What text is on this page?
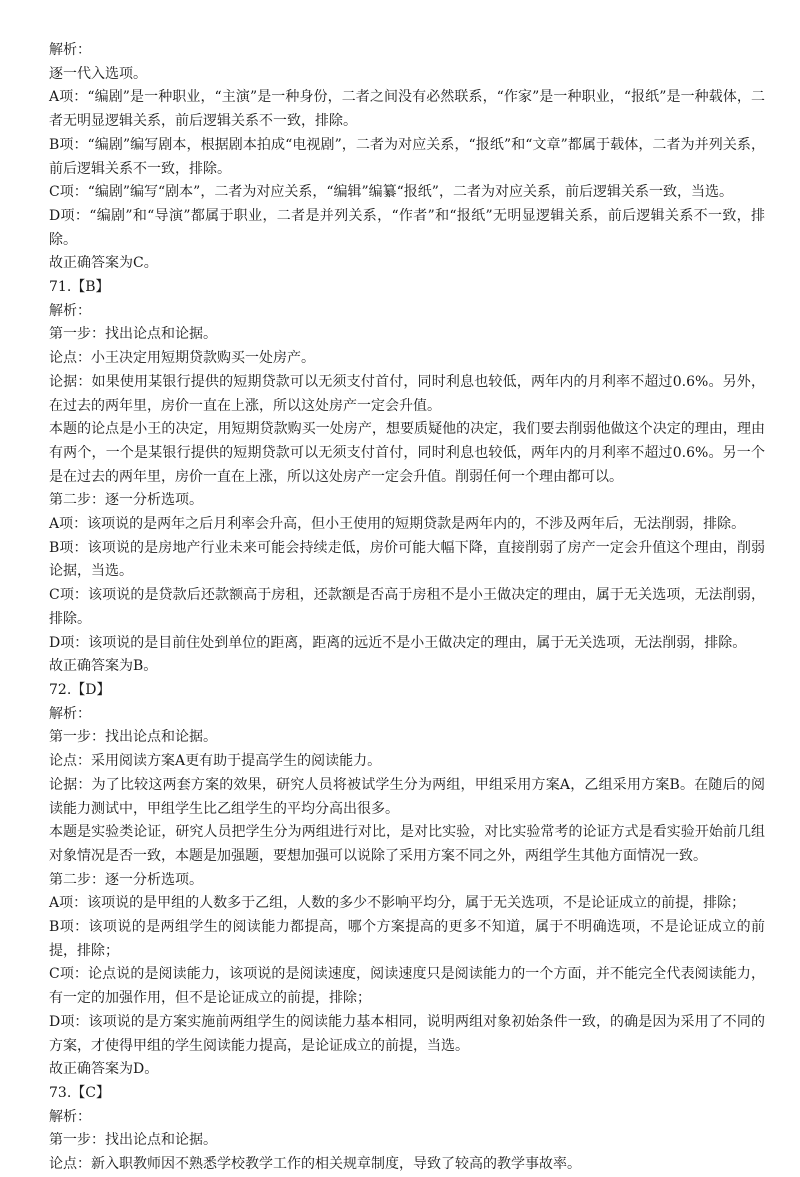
解析：

逐一代入选项。

A项：“编剧”是一种职业，“主演”是一种身份，二者之间没有必然联系，“作家”是一种职业，“报纸”是一种载体，二者无明显逻辑关系，前后逻辑关系不一致，排除。

B项：“编剧”编写剧本，根据剧本拍成“电视剧”，二者为对应关系，“报纸”和“文章”都属于载体，二者为并列关系，前后逻辑关系不一致，排除。

C项：“编剧”编写“剧本”，二者为对应关系，“编辑”编纂“报纸”，二者为对应关系，前后逻辑关系一致，当选。

D项：“编剧”和“导演”都属于职业，二者是并列关系，“作者”和“报纸”无明显逻辑关系，前后逻辑关系不一致，排除。

故正确答案为C。

71.【B】

解析：

第一步：找出论点和论据。

论点：小王决定用短期贷款购买一处房产。

论据：如果使用某银行提供的短期贷款可以无须支付首付，同时利息也较低，两年内的月利率不超过0.6%。另外，在过去的两年里，房价一直在上涨，所以这处房产一定会升值。

本题的论点是小王的决定，用短期贷款购买一处房产，想要质疑他的决定，我们要去削弱他做这个决定的理由，理由有两个，一个是某银行提供的短期贷款可以无须支付首付，同时利息也较低，两年内的月利率不超过0.6%。另一个是在过去的两年里，房价一直在上涨，所以这处房产一定会升值。削弱任何一个理由都可以。

第二步：逐一分析选项。

A项：该项说的是两年之后月利率会升高，但小王使用的短期贷款是两年内的，不涉及两年后，无法削弱，排除。

B项：该项说的是房地产行业未来可能会持续走低，房价可能大幅下降，直接削弱了房产一定会升值这个理由，削弱论据，当选。

C项：该项说的是贷款后还款额高于房租，还款额是否高于房租不是小王做决定的理由，属于无关选项，无法削弱，排除。

D项：该项说的是目前住处到单位的距离，距离的远近不是小王做决定的理由，属于无关选项，无法削弱，排除。

故正确答案为B。

72.【D】

解析：

第一步：找出论点和论据。

论点：采用阅读方案A更有助于提高学生的阅读能力。

论据：为了比较这两套方案的效果，研究人员将被试学生分为两组，甲组采用方案A，乙组采用方案B。在随后的阅读能力测试中，甲组学生比乙组学生的平均分高出很多。

本题是实验类论证，研究人员把学生分为两组进行对比，是对比实验，对比实验常考的论证方式是看实验开始前几组对象情况是否一致，本题是加强题，要想加强可以说除了采用方案不同之外，两组学生其他方面情况一致。

第二步：逐一分析选项。

A项：该项说的是甲组的人数多于乙组，人数的多少不影响平均分，属于无关选项，不是论证成立的前提，排除；

B项：该项说的是两组学生的阅读能力都提高，哪个方案提高的更多不知道，属于不明确选项，不是论证成立的前提，排除；

C项：论点说的是阅读能力，该项说的是阅读速度，阅读速度只是阅读能力的一个方面，并不能完全代表阅读能力，有一定的加强作用，但不是论证成立的前提，排除；

D项：该项说的是方案实施前两组学生的阅读能力基本相同，说明两组对象初始条件一致，的确是因为采用了不同的方案，才使得甲组的学生阅读能力提高，是论证成立的前提，当选。

故正确答案为D。

73.【C】

解析：

第一步：找出论点和论据。

论点：新入职教师因不熟悉学校教学工作的相关规章制度，导致了较高的教学事故率。
